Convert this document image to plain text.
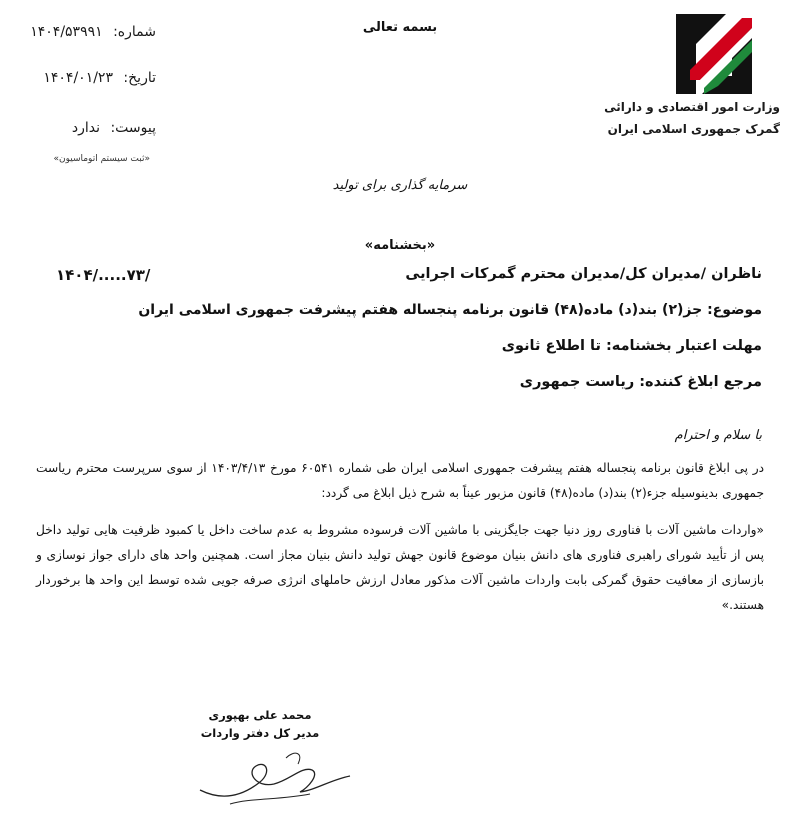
شماره: ۱۴۰۴/۵۳۹۹۱
تاریخ: ۱۴۰۴/۰۱/۲۳
پیوست: ندارد
«ثبت سیستم اتوماسیون»
بسمه تعالی
وزارت امور اقتصادی و دارائی
گمرک جمهوری اسلامی ایران
سرمایه گذاری برای تولید
«بخشنامه»
ناظران /مدیران کل/مدیران محترم گمرکات اجرایی
۱۴۰۴/.....۷۳/
موضوع: جز(۲) بند(د) ماده(۴۸) قانون برنامه پنجساله هفتم پیشرفت جمهوری اسلامی ایران
مهلت اعتبار بخشنامه: تا اطلاع ثانوی
مرجع ابلاغ کننده: ریاست جمهوری
با سلام و احترام
در پی ابلاغ قانون برنامه پنجساله هفتم پیشرفت جمهوری اسلامی ایران طی شماره ۶۰۵۴۱ مورخ ۱۴۰۳/۴/۱۳ از سوی سرپرست محترم ریاست جمهوری بدینوسیله جزء(۲) بند(د) ماده(۴۸) قانون مزبور عیناً به شرح ذیل ابلاغ می گردد:
«واردات ماشین آلات با فناوری روز دنیا جهت جایگزینی با ماشین آلات فرسوده مشروط به عدم ساخت داخل یا کمبود ظرفیت هایی تولید داخل پس از تأیید شورای راهبری فناوری های دانش بنیان موضوع قانون جهش تولید دانش بنیان مجاز است. همچنین واحد های دارای جواز نوسازی و بازسازی از معافیت حقوق گمرکی بابت واردات ماشین آلات مذکور معادل ارزش حاملهای انرژی صرفه جویی شده توسط این واحد ها برخوردار هستند.»
محمد علی بهپوری
مدیر کل دفتر واردات
